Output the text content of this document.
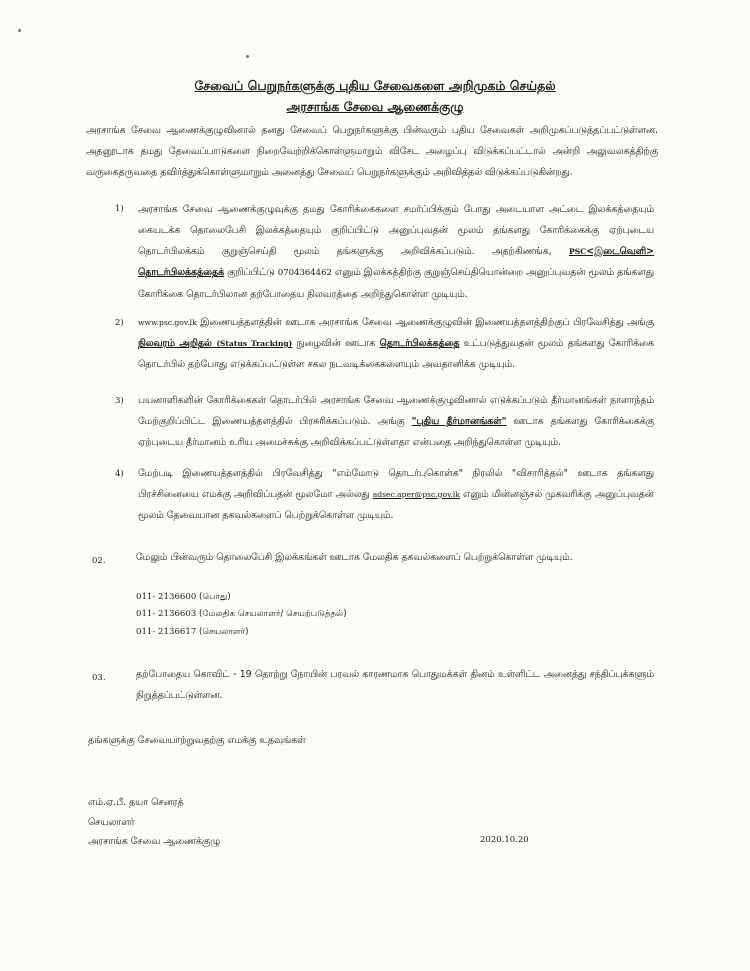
சேவைப் பெறுநர்களுக்கு புதிய சேவைகளை அறிமுகம் செய்தல்
அரசாங்க சேவை ஆணைக்குழு
அரசாங்க சேவை ஆணைக்குழுவினால் தனது சேவைப் பெறுநர்களுக்கு பின்வரும் புதிய சேவைகள் அறிமுகப்படுத்தப்பட்டுள்ளன. அதனூடாக தமது தேவைப்பாடுகளை நிறைவேற்றிக்கொள்ளுமாறும் விசேட அழைப்பு விடுக்கப்பட்டால் அன்றி அலுவலகத்திற்கு வருகைதருவதை தவிர்த்துக்கொள்ளுமாறும் அனைத்து சேவைப் பெறுநர்களுக்கும் அறிவித்தல் விடுக்கப்படுகின்றது.
1) அரசாங்க சேவை ஆணைக்குழுவுக்கு தமது கோரிக்கைகளை சமர்ப்பிக்கும் போது அடையாள அட்டை இலக்கத்தையும் கையடக்க தொலைபேசி இலக்கத்தையும் குறிப்பிட்டு அனுப்புவதன் மூலம் தங்களது கோரிக்கைக்கு ஏற்புடைய தொடர்பிலக்கம் குறுஞ்செய்தி மூலம் தங்களுக்கு அறிவிக்கப்படும். அதற்கிணங்க, PSC<இடைவெளி> தொடர்பிலக்கத்தைக் குறிப்பிட்டு 0704364462 எனும் இலக்கத்திற்கு குறுஞ்செய்தியொன்றை அனுப்புவதன் மூலம் தங்களது கோரிக்கை தொடர்பிலான தற்போதைய நிலவரத்தை அறிந்துகொள்ள முடியும்.
2) www.psc.gov.lk இணையத்தளத்தின் ஊடாக அரசாங்க சேவை ஆணைக்குழுவின் இணையத்தளத்திற்குப் பிரவேசித்து அங்கு நிலவரம் அறிதல் (Status Tracking) நுழைவின் ஊடாக தொடர்பிலக்கத்தை உட்படுத்துவதன் மூலம் தங்களது கோரிக்கை தொடர்பில் தற்போது எடுக்கப்பட்டுள்ள சகல நடவடிக்கைகளையும் அவதானிக்க முடியும்.
3) பயனாளிகளின் கோரிக்கைகள் தொடர்பில் அரசாங்க சேவை ஆணைக்குழுவினால் எடுக்கப்படும் தீர்மானங்கள் நாளாந்தம் மேற்குறிப்பிட்ட இணையத்தளத்தில் பிரசுரிக்கப்படும். அங்கு "புதிய தீர்மானங்கள்" ஊடாக தங்களது கோரிக்கைக்கு ஏற்புடைய தீர்மானம் உரிய அமைச்சுக்கு அறிவிக்கப்பட்டுள்ளதா என்பதை அறிந்துகொள்ள முடியும்.
4) மேற்படி இணையத்தளத்தில் பிரவேசித்து "எம்மோடு தொடர்புகொள்க" நிரலில் "விசாரித்தல்" ஊடாக தங்களது பிரச்சினையை எமக்கு அறிவிப்பதன் மூலமோ அல்லது adsec.aper@psc.gov.lk எனும் மின்னஞ்சல் முகவரிக்கு அனுப்புவதன் மூலம் தேவையான தகவல்களைப் பெற்றுக்கொள்ள முடியும்.
02.	மேலும் பின்வரும் தொலைபேசி இலக்கங்கள் ஊடாக மேலதிக தகவல்களைப் பெற்றுக்கொள்ள முடியும்.
011- 2136600 (பொது)
011- 2136603 (மேலதிக செயலாளர்/ செயற்படுத்தல்)
011- 2136617 (செயலாளர்)
03.	தற்போதைய கொவிட் - 19 தொற்று நோயின் பரவல் காரணமாக பொதுமக்கள் தினம் உள்ளிட்ட அனைத்து சந்திப்புக்களும் நிறுத்தப்பட்டுள்ளன.
தங்களுக்கு சேவையாற்றுவதற்கு எமக்கு உதவுங்கள்
எம்.ஏ.பீ. தயா செனரத்
செயலாளர்
அரசாங்க சேவை ஆணைக்குழு	2020.10.20
